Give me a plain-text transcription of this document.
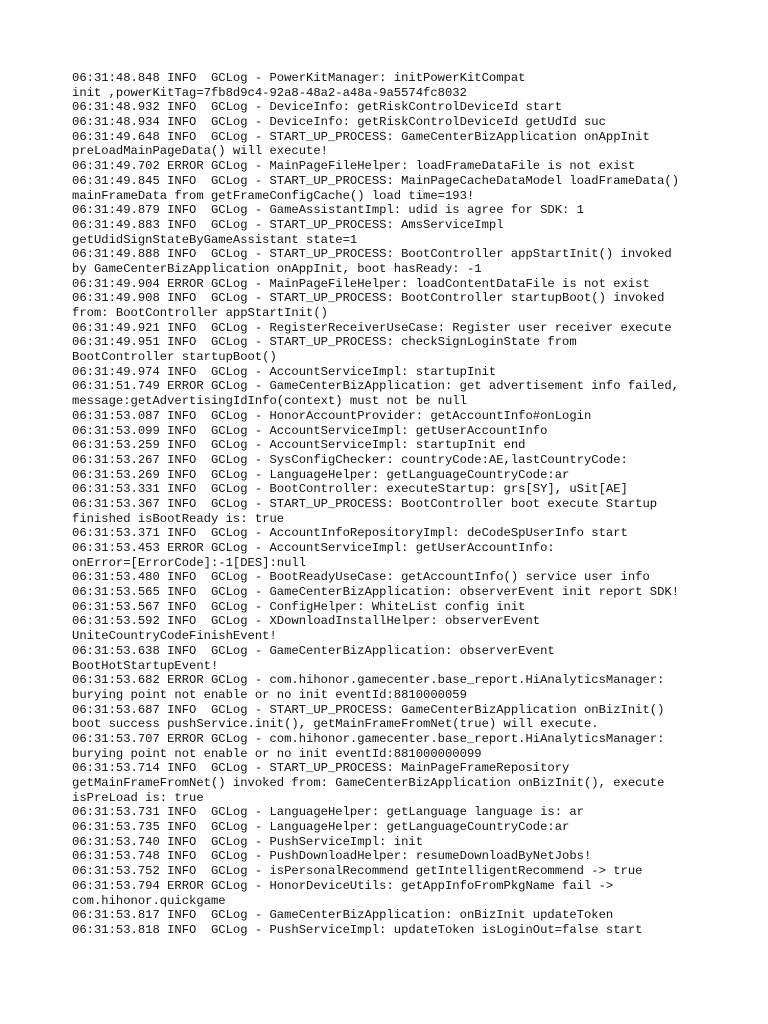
06:31:48.848 INFO  GCLog - PowerKitManager: initPowerKitCompat
init ,powerKitTag=7fb8d9c4-92a8-48a2-a48a-9a5574fc8032
06:31:48.932 INFO  GCLog - DeviceInfo: getRiskControlDeviceId start
06:31:48.934 INFO  GCLog - DeviceInfo: getRiskControlDeviceId getUdId suc
06:31:49.648 INFO  GCLog - START_UP_PROCESS: GameCenterBizApplication onAppInit
preLoadMainPageData() will execute!
06:31:49.702 ERROR GCLog - MainPageFileHelper: loadFrameDataFile is not exist
06:31:49.845 INFO  GCLog - START_UP_PROCESS: MainPageCacheDataModel loadFrameData()
mainFrameData from getFrameConfigCache() load time=193!
06:31:49.879 INFO  GCLog - GameAssistantImpl: udid is agree for SDK: 1
06:31:49.883 INFO  GCLog - START_UP_PROCESS: AmsServiceImpl
getUdidSignStateByGameAssistant state=1
06:31:49.888 INFO  GCLog - START_UP_PROCESS: BootController appStartInit() invoked
by GameCenterBizApplication onAppInit, boot hasReady: -1
06:31:49.904 ERROR GCLog - MainPageFileHelper: loadContentDataFile is not exist
06:31:49.908 INFO  GCLog - START_UP_PROCESS: BootController startupBoot() invoked
from: BootController appStartInit()
06:31:49.921 INFO  GCLog - RegisterReceiverUseCase: Register user receiver execute
06:31:49.951 INFO  GCLog - START_UP_PROCESS: checkSignLoginState from
BootController startupBoot()
06:31:49.974 INFO  GCLog - AccountServiceImpl: startupInit
06:31:51.749 ERROR GCLog - GameCenterBizApplication: get advertisement info failed,
message:getAdvertisingIdInfo(context) must not be null
06:31:53.087 INFO  GCLog - HonorAccountProvider: getAccountInfo#onLogin
06:31:53.099 INFO  GCLog - AccountServiceImpl: getUserAccountInfo
06:31:53.259 INFO  GCLog - AccountServiceImpl: startupInit end
06:31:53.267 INFO  GCLog - SysConfigChecker: countryCode:AE,lastCountryCode:
06:31:53.269 INFO  GCLog - LanguageHelper: getLanguageCountryCode:ar
06:31:53.331 INFO  GCLog - BootController: executeStartup: grs[SY], uSit[AE]
06:31:53.367 INFO  GCLog - START_UP_PROCESS: BootController boot execute Startup
finished isBootReady is: true
06:31:53.371 INFO  GCLog - AccountInfoRepositoryImpl: deCodeSpUserInfo start
06:31:53.453 ERROR GCLog - AccountServiceImpl: getUserAccountInfo:
onError=[ErrorCode]:-1[DES]:null
06:31:53.480 INFO  GCLog - BootReadyUseCase: getAccountInfo() service user info
06:31:53.565 INFO  GCLog - GameCenterBizApplication: observerEvent init report SDK!
06:31:53.567 INFO  GCLog - ConfigHelper: WhiteList config init
06:31:53.592 INFO  GCLog - XDownloadInstallHelper: observerEvent
UniteCountryCodeFinishEvent!
06:31:53.638 INFO  GCLog - GameCenterBizApplication: observerEvent
BootHotStartupEvent!
06:31:53.682 ERROR GCLog - com.hihonor.gamecenter.base_report.HiAnalyticsManager:
burying point not enable or no init eventId:8810000059
06:31:53.687 INFO  GCLog - START_UP_PROCESS: GameCenterBizApplication onBizInit()
boot success pushService.init(), getMainFrameFromNet(true) will execute.
06:31:53.707 ERROR GCLog - com.hihonor.gamecenter.base_report.HiAnalyticsManager:
burying point not enable or no init eventId:881000000099
06:31:53.714 INFO  GCLog - START_UP_PROCESS: MainPageFrameRepository
getMainFrameFromNet() invoked from: GameCenterBizApplication onBizInit(), execute
isPreLoad is: true
06:31:53.731 INFO  GCLog - LanguageHelper: getLanguage language is: ar
06:31:53.735 INFO  GCLog - LanguageHelper: getLanguageCountryCode:ar
06:31:53.740 INFO  GCLog - PushServiceImpl: init
06:31:53.748 INFO  GCLog - PushDownloadHelper: resumeDownloadByNetJobs!
06:31:53.752 INFO  GCLog - isPersonalRecommend getIntelligentRecommend -> true
06:31:53.794 ERROR GCLog - HonorDeviceUtils: getAppInfoFromPkgName fail ->
com.hihonor.quickgame
06:31:53.817 INFO  GCLog - GameCenterBizApplication: onBizInit updateToken
06:31:53.818 INFO  GCLog - PushServiceImpl: updateToken isLoginOut=false start
